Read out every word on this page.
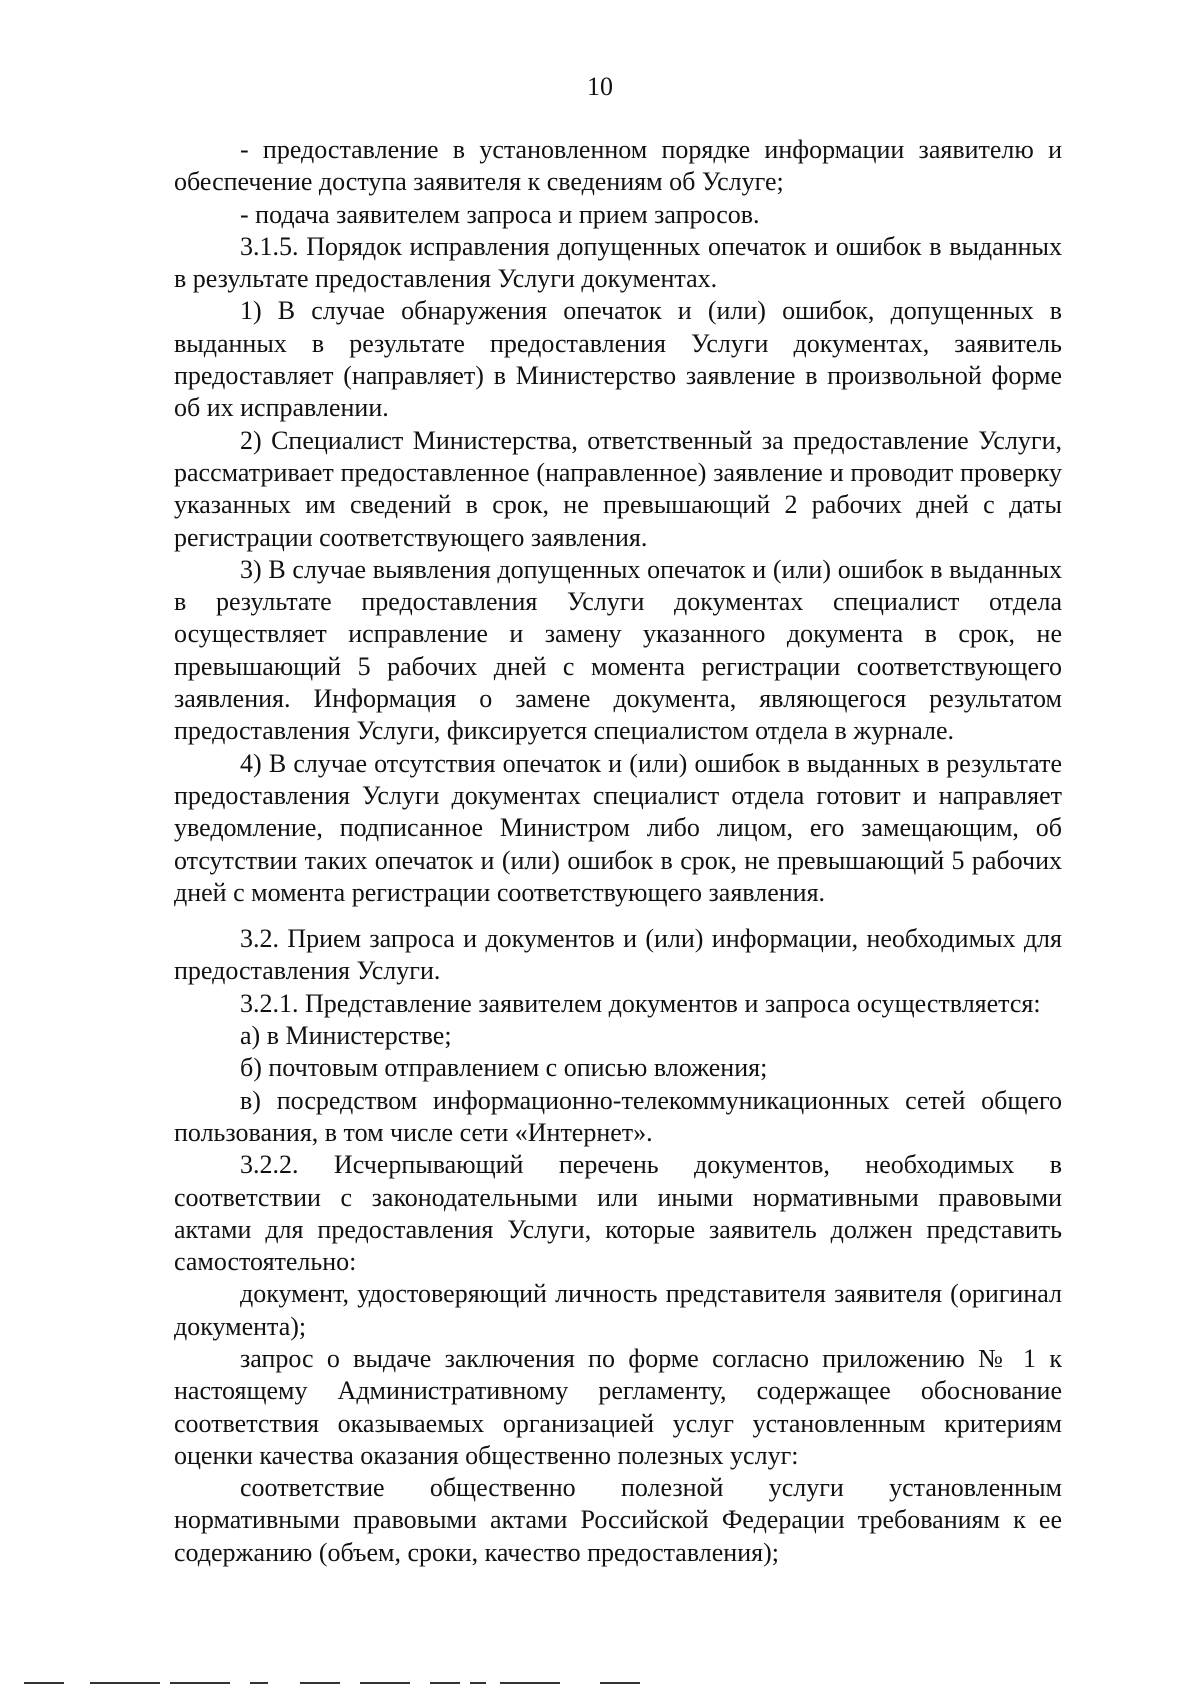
10

- предоставление в установленном порядке информации заявителю и обеспечение доступа заявителя к сведениям об Услуге;

- подача заявителем запроса и прием запросов.

3.1.5. Порядок исправления допущенных опечаток и ошибок в выданных в результате предоставления Услуги документах.

1) В случае обнаружения опечаток и (или) ошибок, допущенных в выданных в результате предоставления Услуги документах, заявитель предоставляет (направляет) в Министерство заявление в произвольной форме об их исправлении.

2) Специалист Министерства, ответственный за предоставление Услуги, рассматривает предоставленное (направленное) заявление и проводит проверку указанных им сведений в срок, не превышающий 2 рабочих дней с даты регистрации соответствующего заявления.

3) В случае выявления допущенных опечаток и (или) ошибок в выданных в результате предоставления Услуги документах специалист отдела осуществляет исправление и замену указанного документа в срок, не превышающий 5 рабочих дней с момента регистрации соответствующего заявления. Информация о замене документа, являющегося результатом предоставления Услуги, фиксируется специалистом отдела в журнале.

4) В случае отсутствия опечаток и (или) ошибок в выданных в результате предоставления Услуги документах специалист отдела готовит и направляет уведомление, подписанное Министром либо лицом, его замещающим, об отсутствии таких опечаток и (или) ошибок в срок, не превышающий 5 рабочих дней с момента регистрации соответствующего заявления.

3.2. Прием запроса и документов и (или) информации, необходимых для предоставления Услуги.

3.2.1. Представление заявителем документов и запроса осуществляется:

а) в Министерстве;

б) почтовым отправлением с описью вложения;

в) посредством информационно-телекоммуникационных сетей общего пользования, в том числе сети «Интернет».

3.2.2. Исчерпывающий перечень документов, необходимых в соответствии с законодательными или иными нормативными правовыми актами для предоставления Услуги, которые заявитель должен представить самостоятельно:

документ, удостоверяющий личность представителя заявителя (оригинал документа);

запрос о выдаче заключения по форме согласно приложению № 1 к настоящему Административному регламенту, содержащее обоснование соответствия оказываемых организацией услуг установленным критериям оценки качества оказания общественно полезных услуг:

соответствие общественно полезной услуги установленным нормативными правовыми актами Российской Федерации требованиям к ее содержанию (объем, сроки, качество предоставления);
